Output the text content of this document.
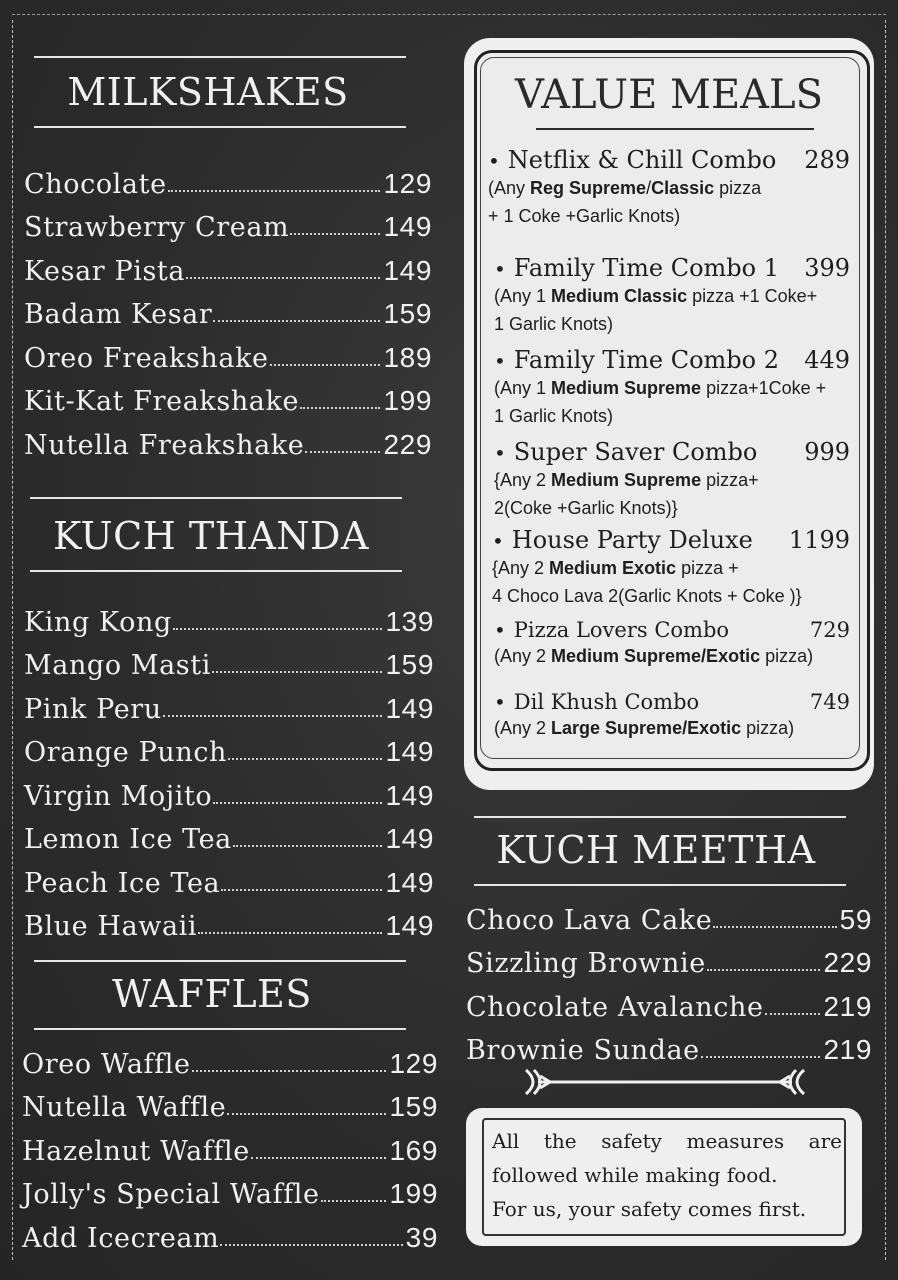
MILKSHAKES
Chocolate	129
Strawberry Cream	149
Kesar Pista	149
Badam Kesar	159
Oreo Freakshake	189
Kit-Kat Freakshake	199
Nutella Freakshake	229
KUCH THANDA
King Kong	139
Mango Masti	159
Pink Peru	149
Orange Punch	149
Virgin Mojito	149
Lemon Ice Tea	149
Peach Ice Tea	149
Blue Hawaii	149
WAFFLES
Oreo Waffle	129
Nutella Waffle	159
Hazelnut Waffle	169
Jolly's Special Waffle 199
Add Icecream	39
VALUE MEALS
• Netflix & Chill Combo 289
(Any Reg Supreme/Classic pizza
+ 1 Coke +Garlic Knots)
• Family Time Combo 1 399
(Any 1 Medium Classic pizza +1 Coke+
1 Garlic Knots)
• Family Time Combo 2 449
(Any 1 Medium Supreme pizza+1Coke +
1 Garlic Knots)
• Super Saver Combo 999
{Any 2 Medium Supreme pizza+
2(Coke +Garlic Knots)}
• House Party Deluxe 1199
{Any 2 Medium Exotic pizza +
4 Choco Lava 2(Garlic Knots + Coke )}
• Pizza Lovers Combo	729
(Any 2 Medium Supreme/Exotic pizza)
• Dil Khush Combo	749
(Any 2 Large Supreme/Exotic pizza)
KUCH MEETHA
Choco Lava Cake	59
Sizzling Brownie	229
Chocolate Avalanche 219
Brownie Sundae	219
All the safety measures are
followed while making food.
For us, your safety comes first.
